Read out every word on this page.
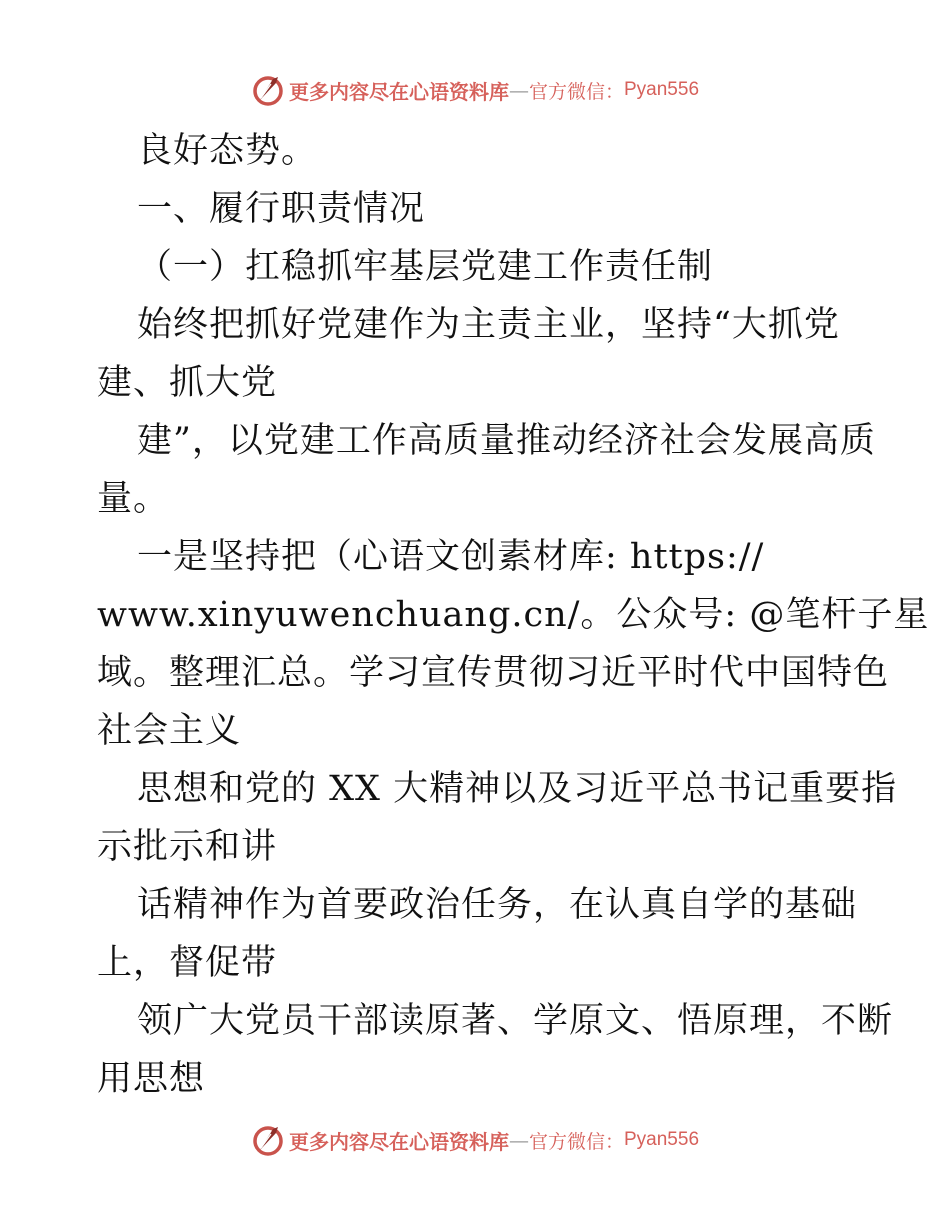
更多内容尽在心语资料库 — 官方微信： Pyan556
良好态势。
一、履行职责情况
（一）扛稳抓牢基层党建工作责任制
始终把抓好党建作为主责主业，坚持“大抓党
建、抓大党
建”，以党建工作高质量推动经济社会发展高质
量。
一是坚持把（心语文创素材库: https://
www.xinyuwenchuang.cn/。公众号: @笔杆子星
域。整理汇总。学习宣传贯彻习近平时代中国特色
社会主义
思想和党的 XX 大精神以及习近平总书记重要指
示批示和讲
话精神作为首要政治任务，在认真自学的基础
上，督促带
领广大党员干部读原著、学原文、悟原理，不断
用思想
更多内容尽在心语资料库 — 官方微信： Pyan556
